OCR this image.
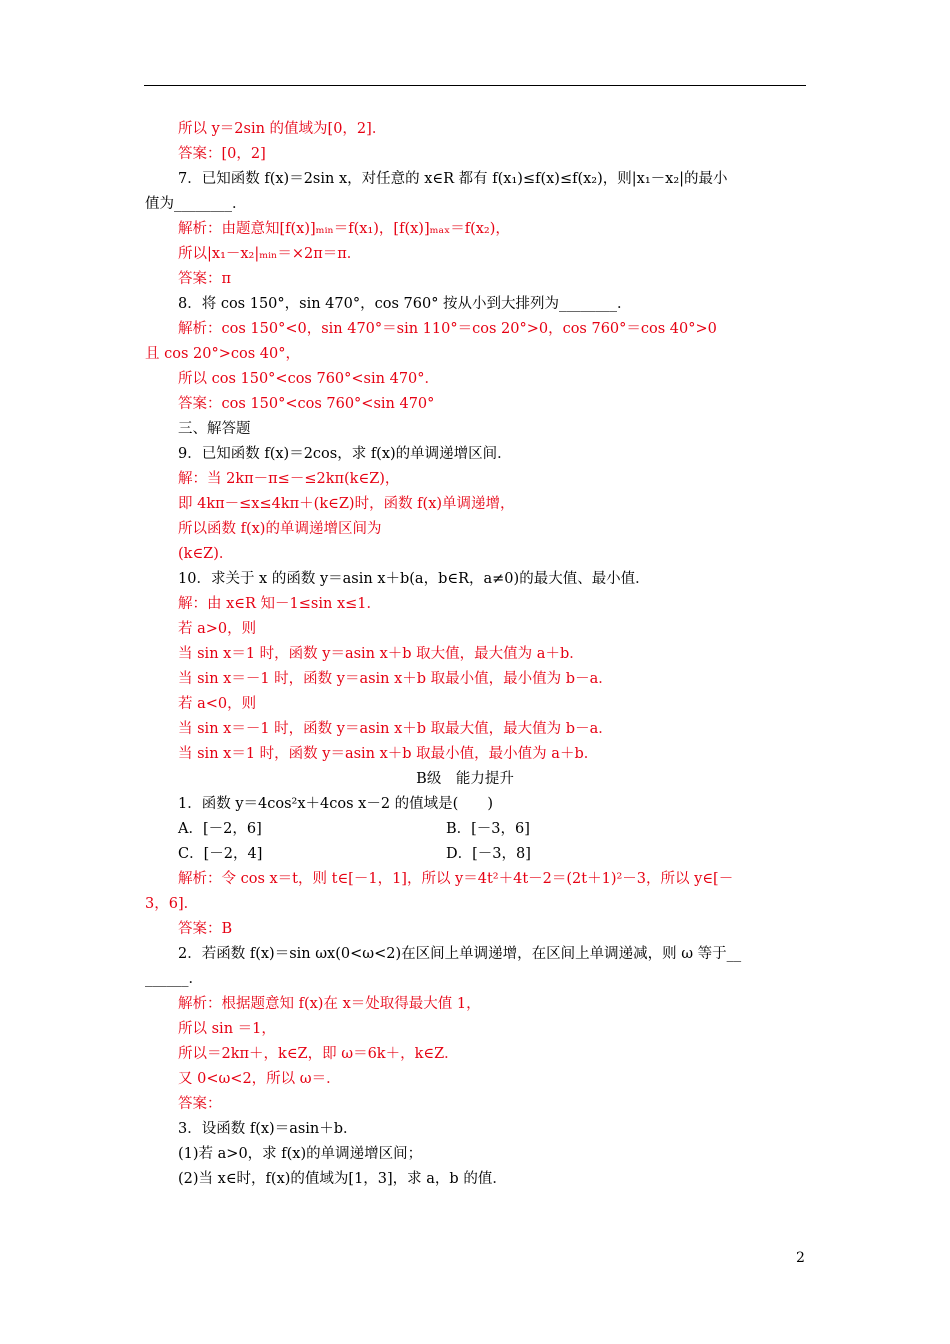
所以 y＝2sin 的值域为[0，2]．
答案：[0，2]
7．已知函数 f(x)＝2sin x，对任意的 x∈R 都有 f(x₁)≤f(x)≤f(x₂)，则|x₁－x₂|的最小
值为________．
解析：由题意知[f(x)]ₘᵢₙ＝f(x₁)，[f(x)]ₘₐₓ＝f(x₂)，
所以|x₁－x₂|ₘᵢₙ＝×2π＝π．
答案：π
8．将 cos 150°，sin 470°，cos 760° 按从小到大排列为________．
解析：cos 150°<0，sin 470°＝sin 110°＝cos 20°>0，cos 760°＝cos 40°>0
且 cos 20°>cos 40°，
所以 cos 150°<cos 760°<sin 470°．
答案：cos 150°<cos 760°<sin 470°
三、解答题
9．已知函数 f(x)＝2cos，求 f(x)的单调递增区间．
解：当 2kπ－π≤－≤2kπ(k∈Z)，
即 4kπ－≤x≤4kπ＋(k∈Z)时，函数 f(x)单调递增，
所以函数 f(x)的单调递增区间为
(k∈Z)．
10．求关于 x 的函数 y＝asin x＋b(a，b∈R，a≠0)的最大值、最小值．
解：由 x∈R 知－1≤sin x≤1．
若 a>0，则
当 sin x＝1 时，函数 y＝asin x＋b 取大值，最大值为 a＋b．
当 sin x＝－1 时，函数 y＝asin x＋b 取最小值，最小值为 b－a．
若 a<0，则
当 sin x＝－1 时，函数 y＝asin x＋b 取最大值，最大值为 b－a．
当 sin x＝1 时，函数 y＝asin x＋b 取最小值，最小值为 a＋b．
B级　能力提升
1．函数 y＝4cos²x＋4cos x－2 的值域是(　　)
A．[－2，6]	B．[－3，6]
C．[－2，4]	D．[－3，8]
解析：令 cos x＝t，则 t∈[－1，1]，所以 y＝4t²＋4t－2＝(2t＋1)²－3，所以 y∈[－
3，6]．
答案：B
2．若函数 f(x)＝sin ωx(0<ω<2)在区间上单调递增，在区间上单调递减，则 ω 等于__
______．
解析：根据题意知 f(x)在 x＝处取得最大值 1，
所以 sin ＝1，
所以＝2kπ＋，k∈Z，即 ω＝6k＋，k∈Z．
又 0<ω<2，所以 ω＝．
答案：
3．设函数 f(x)＝asin＋b．
(1)若 a>0，求 f(x)的单调递增区间；
(2)当 x∈时，f(x)的值域为[1，3]，求 a，b 的值．
2
